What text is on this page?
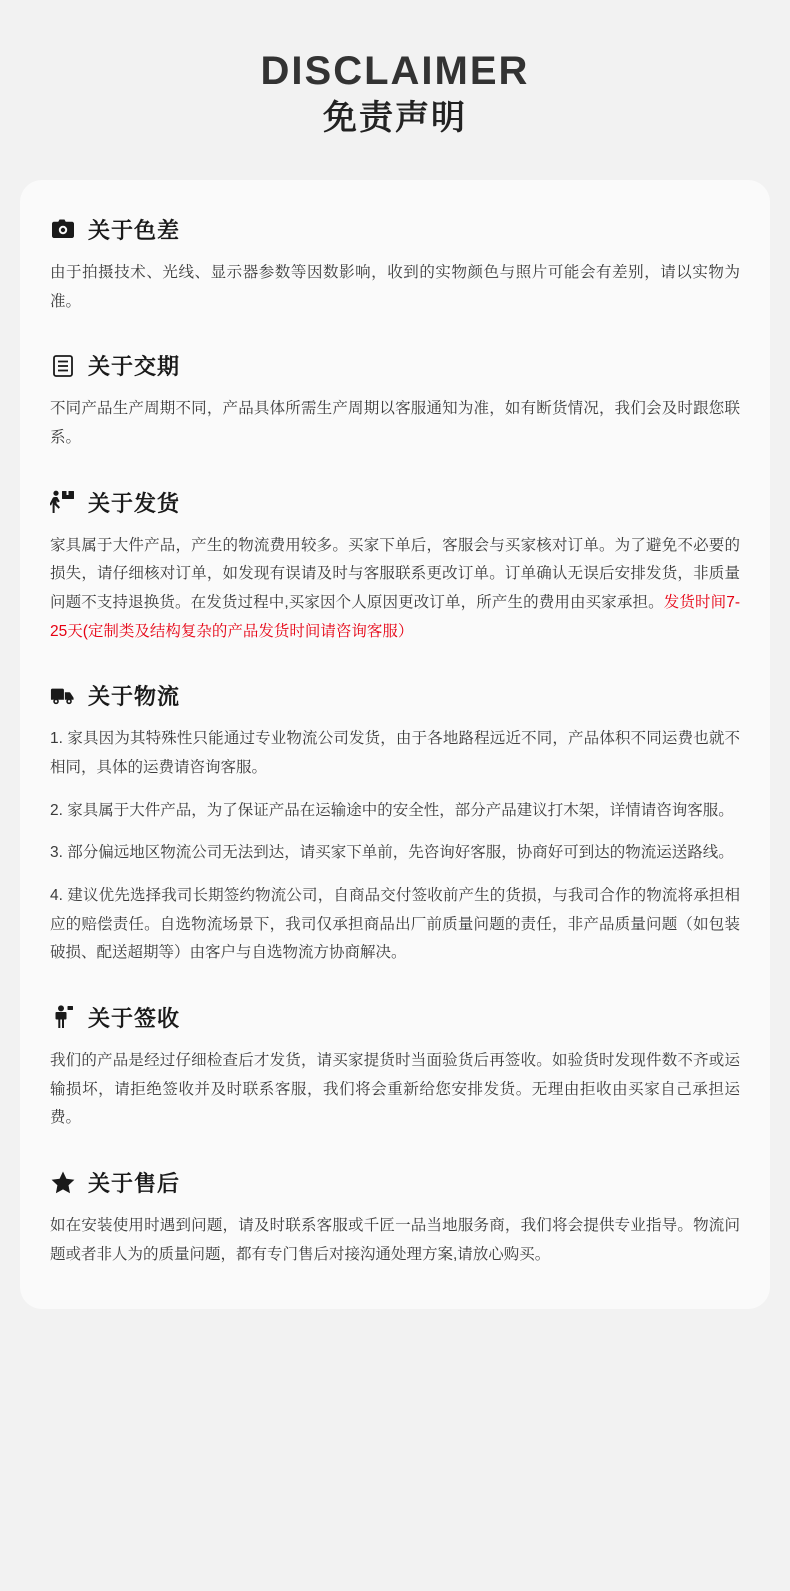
DISCLAIMER
免责声明
关于色差

由于拍摄技术、光线、显示器参数等因数影响，收到的实物颜色与照片可能会有差别，请以实物为准。

关于交期

不同产品生产周期不同，产品具体所需生产周期以客服通知为准，如有断货情况，我们会及时跟您联系。

关于发货

家具属于大件产品，产生的物流费用较多。买家下单后，客服会与买家核对订单。为了避免不必要的损失，请仔细核对订单，如发现有误请及时与客服联系更改订单。订单确认无误后安排发货，非质量问题不支持退换货。在发货过程中,买家因个人原因更改订单，所产生的费用由买家承担。发货时间7-25天(定制类及结构复杂的产品发货时间请咨询客服）

关于物流

1. 家具因为其特殊性只能通过专业物流公司发货，由于各地路程远近不同，产品体积不同运费也就不相同，具体的运费请咨询客服。

2. 家具属于大件产品，为了保证产品在运输途中的安全性，部分产品建议打木架，详情请咨询客服。

3. 部分偏远地区物流公司无法到达，请买家下单前，先咨询好客服，协商好可到达的物流运送路线。

4. 建议优先选择我司长期签约物流公司，自商品交付签收前产生的货损，与我司合作的物流将承担相应的赔偿责任。自选物流场景下，我司仅承担商品出厂前质量问题的责任，非产品质量问题（如包装破损、配送超期等）由客户与自选物流方协商解决。

关于签收

我们的产品是经过仔细检查后才发货，请买家提货时当面验货后再签收。如验货时发现件数不齐或运输损坏，请拒绝签收并及时联系客服，我们将会重新给您安排发货。无理由拒收由买家自己承担运费。

关于售后

如在安装使用时遇到问题，请及时联系客服或千匠一品当地服务商，我们将会提供专业指导。物流问题或者非人为的质量问题，都有专门售后对接沟通处理方案,请放心购买。
